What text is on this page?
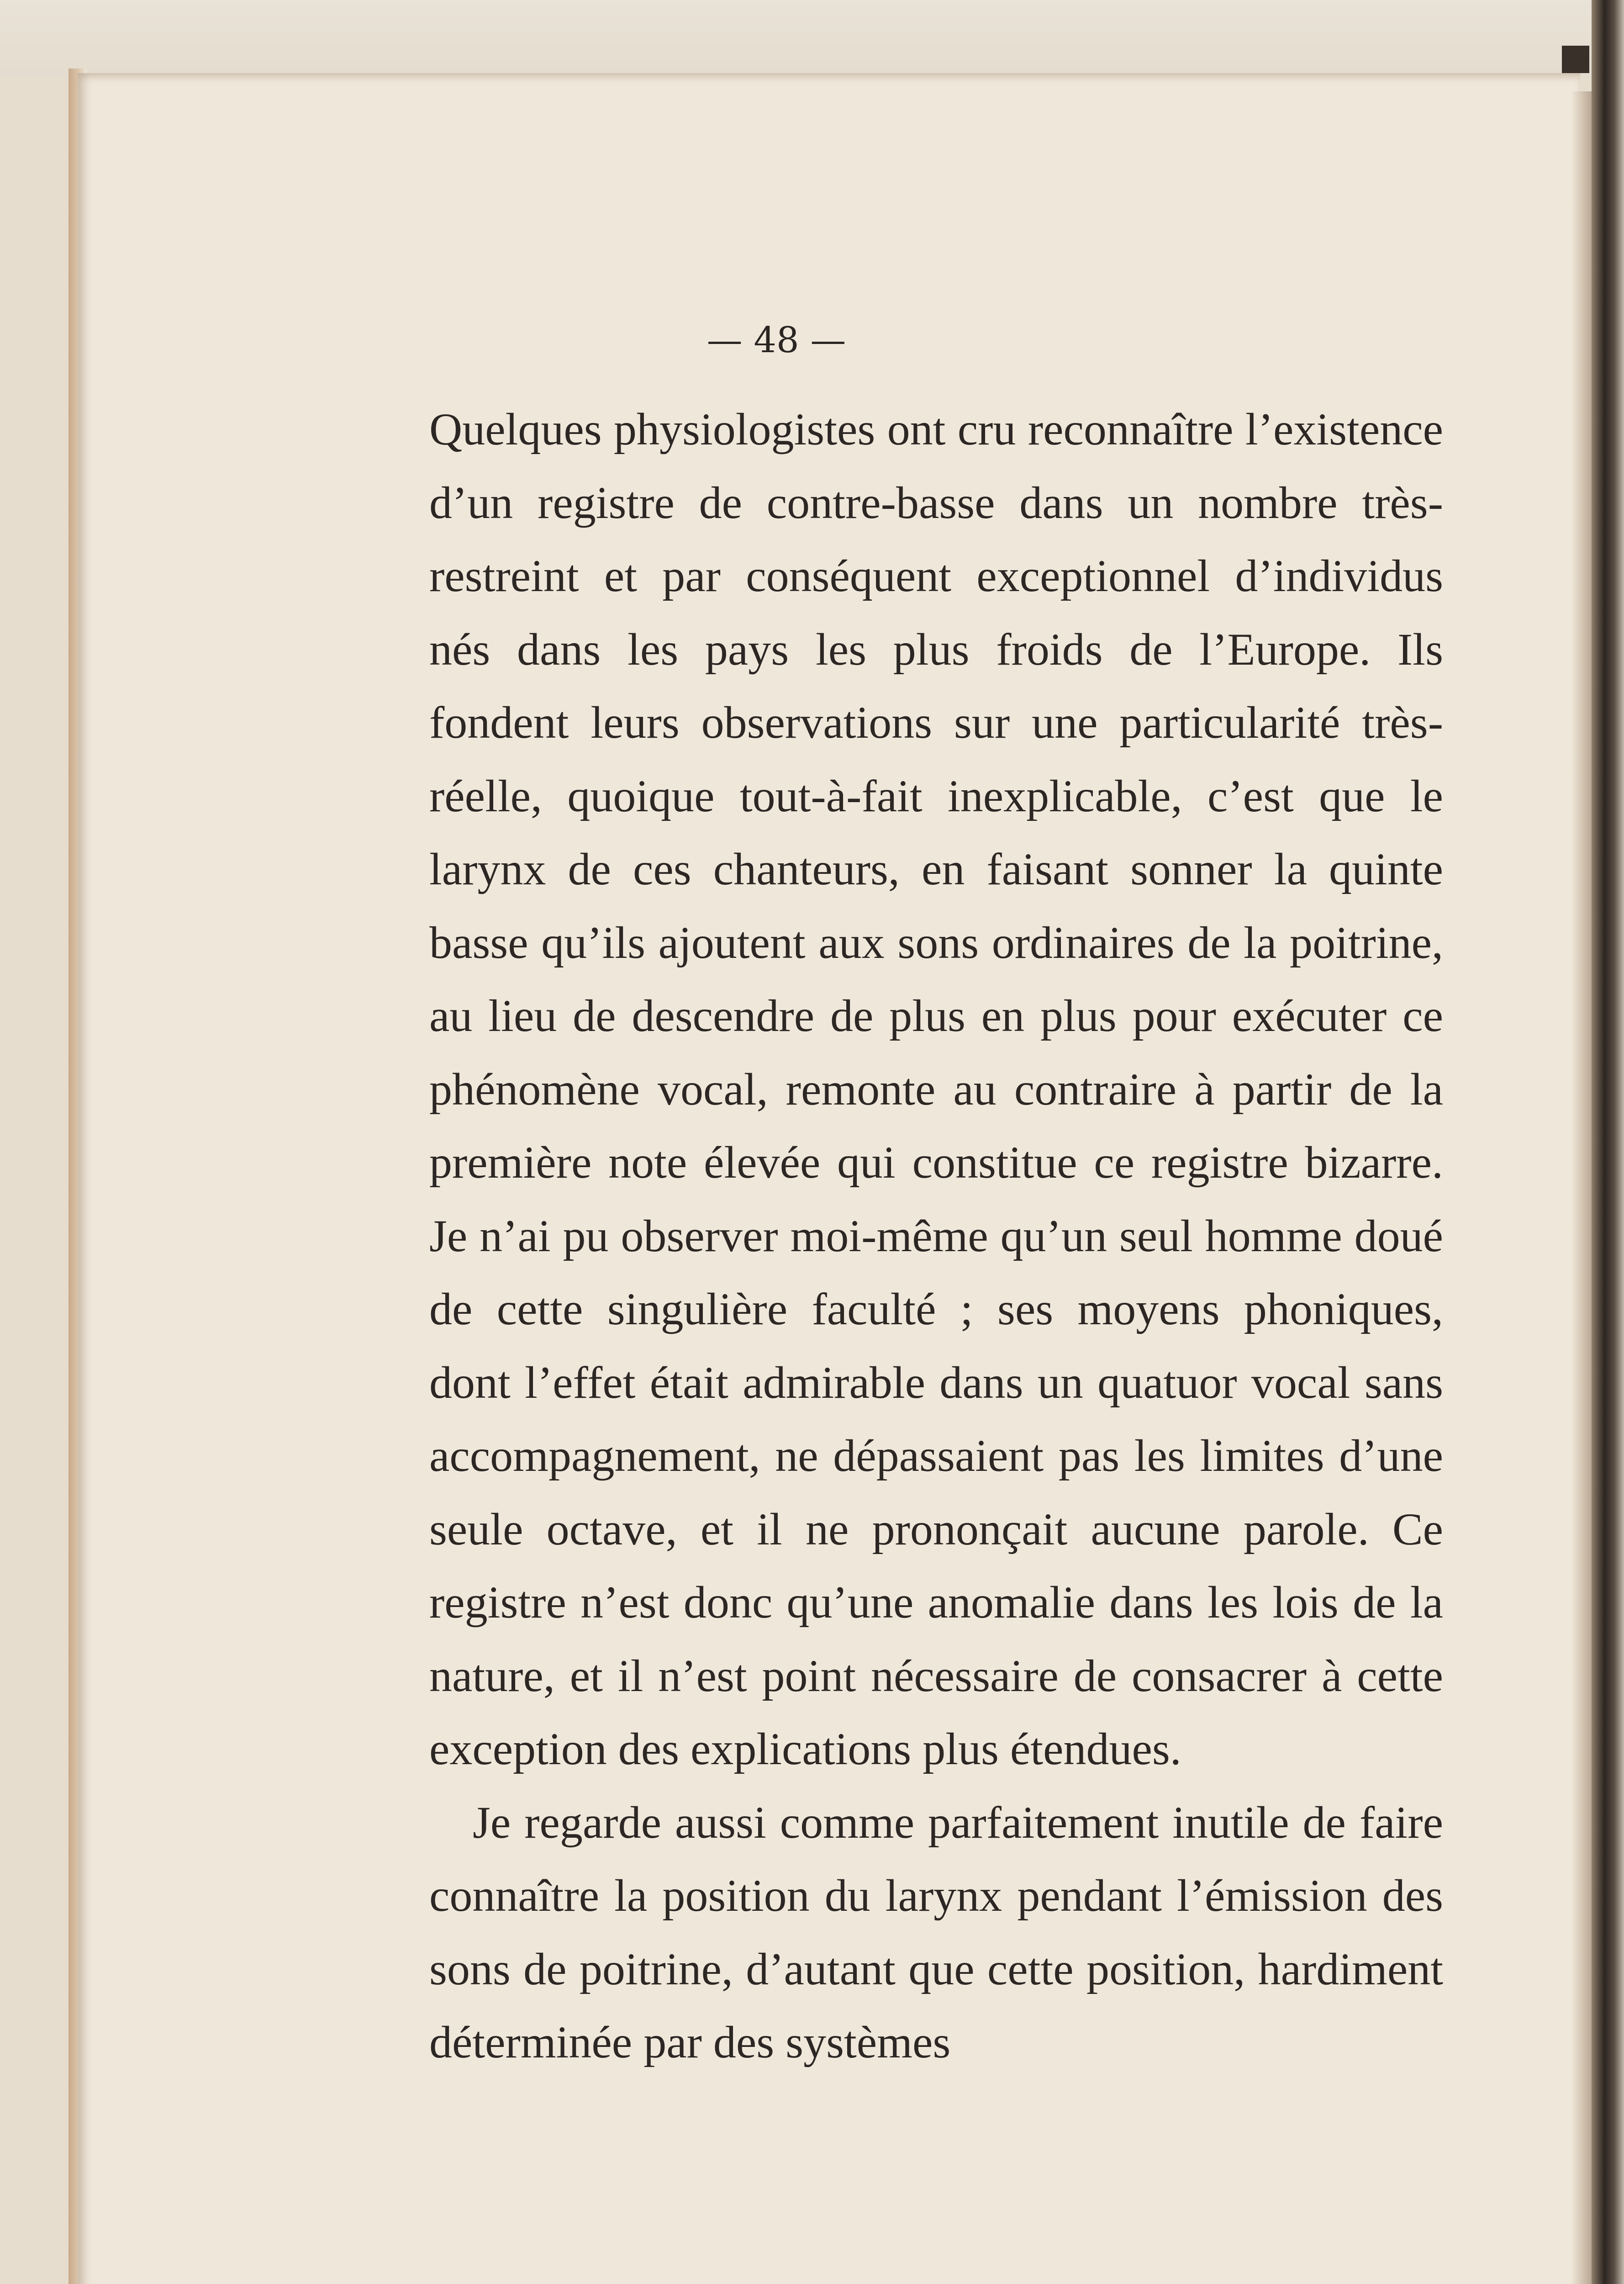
— 48 —

Quelques physiologistes ont cru reconnaître l’existence d’un registre de contre-basse dans un nombre très-restreint et par conséquent exceptionnel d’individus nés dans les pays les plus froids de l’Europe. Ils fondent leurs observations sur une particularité très-réelle, quoique tout-à-fait inexplicable, c’est que le larynx de ces chanteurs, en faisant sonner la quinte basse qu’ils ajoutent aux sons ordinaires de la poitrine, au lieu de descendre de plus en plus pour exécuter ce phénomène vocal, remonte au contraire à partir de la première note élevée qui constitue ce registre bizarre. Je n’ai pu observer moi-même qu’un seul homme doué de cette singulière faculté ; ses moyens phoniques, dont l’effet était admirable dans un quatuor vocal sans accompagnement, ne dépassaient pas les limites d’une seule octave, et il ne prononçait aucune parole. Ce registre n’est donc qu’une anomalie dans les lois de la nature, et il n’est point nécessaire de consacrer à cette exception des explications plus étendues.

Je regarde aussi comme parfaitement inutile de faire connaître la position du larynx pendant l’émission des sons de poitrine, d’autant que cette position, hardiment déterminée par des systèmes
